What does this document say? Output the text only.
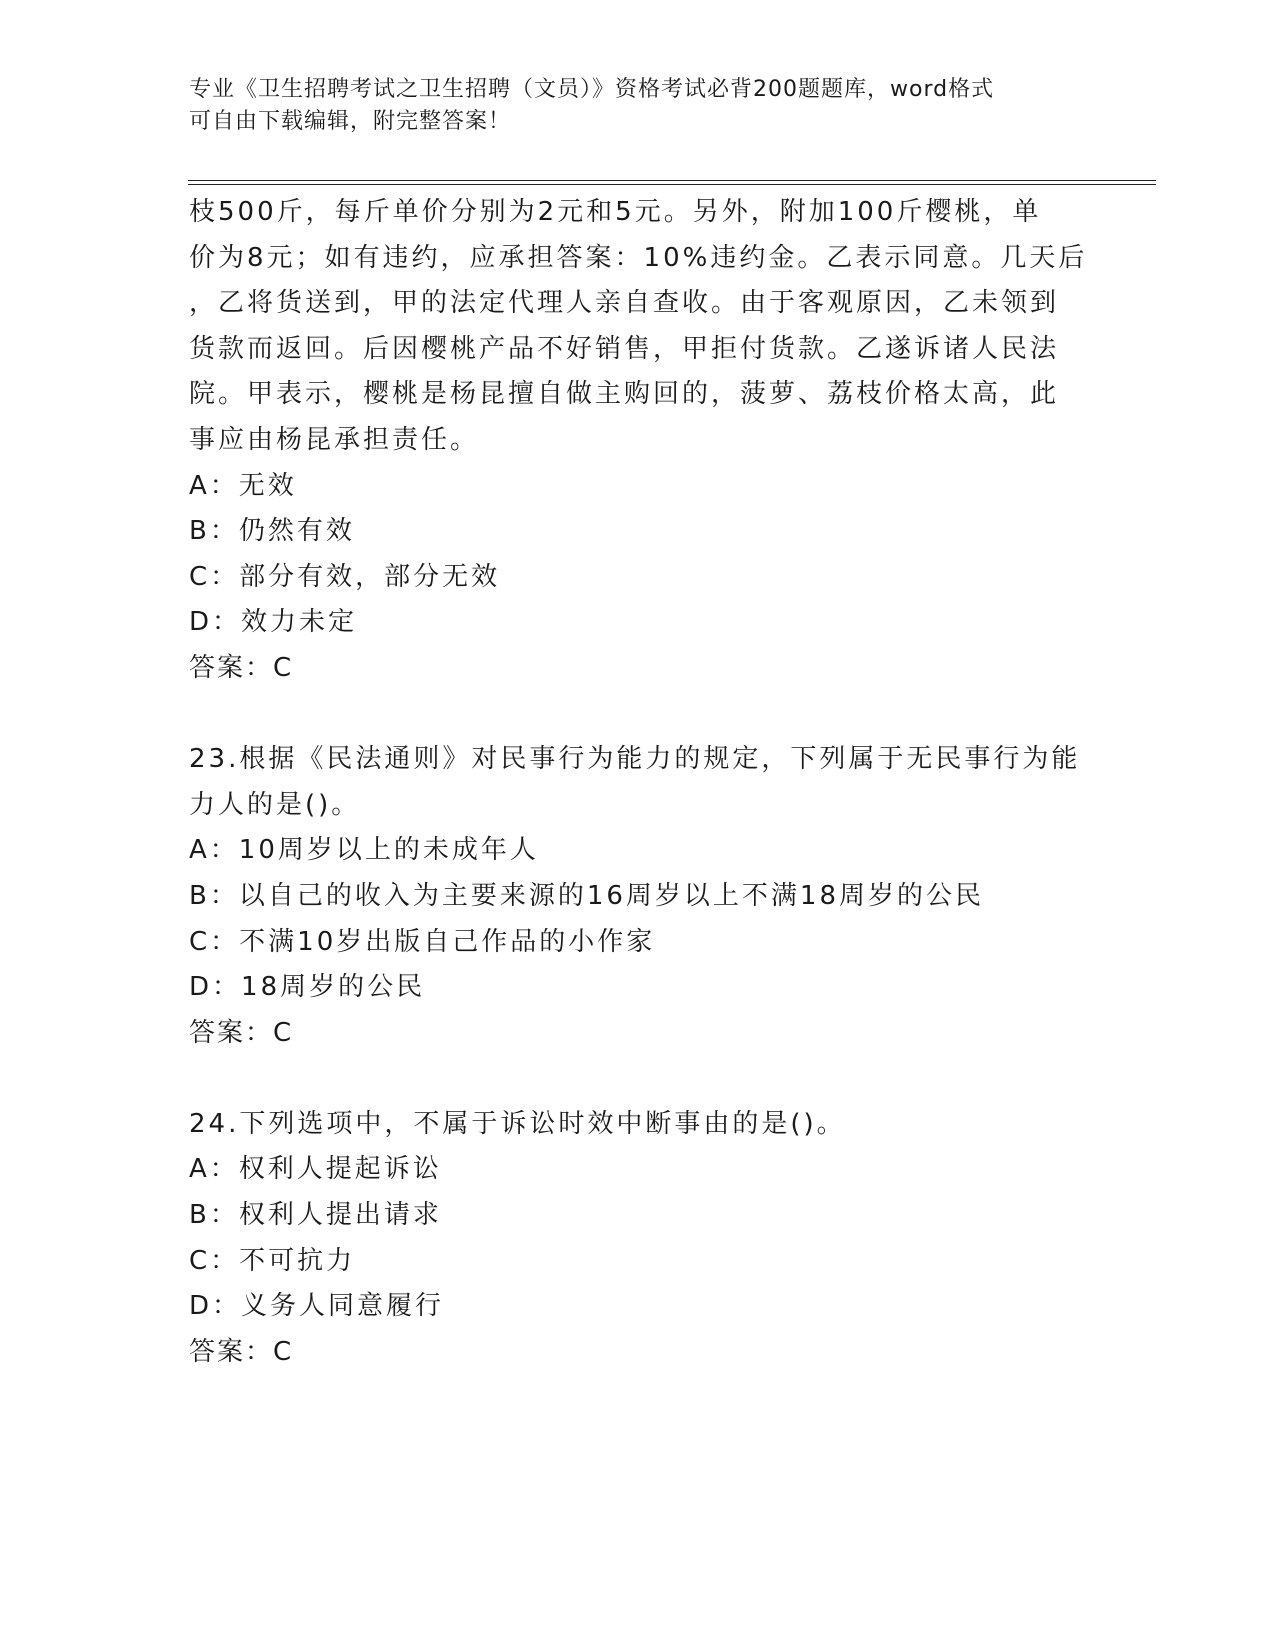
专业《卫生招聘考试之卫生招聘（文员）》资格考试必背200题题库，word格式
可自由下载编辑，附完整答案！
枝500斤，每斤单价分别为2元和5元。另外，附加100斤樱桃，单
价为8元；如有违约，应承担答案：10%违约金。乙表示同意。几天后
，乙将货送到，甲的法定代理人亲自查收。由于客观原因，乙未领到
货款而返回。后因樱桃产品不好销售，甲拒付货款。乙遂诉诸人民法
院。甲表示，樱桃是杨昆擅自做主购回的，菠萝、荔枝价格太高，此
事应由杨昆承担责任。
A：无效
B：仍然有效
C：部分有效，部分无效
D：效力未定
答案：C
23.根据《民法通则》对民事行为能力的规定，下列属于无民事行为能
力人的是()。
A：10周岁以上的未成年人
B：以自己的收入为主要来源的16周岁以上不满18周岁的公民
C：不满10岁出版自己作品的小作家
D：18周岁的公民
答案：C
24.下列选项中，不属于诉讼时效中断事由的是()。
A：权利人提起诉讼
B：权利人提出请求
C：不可抗力
D：义务人同意履行
答案：C
